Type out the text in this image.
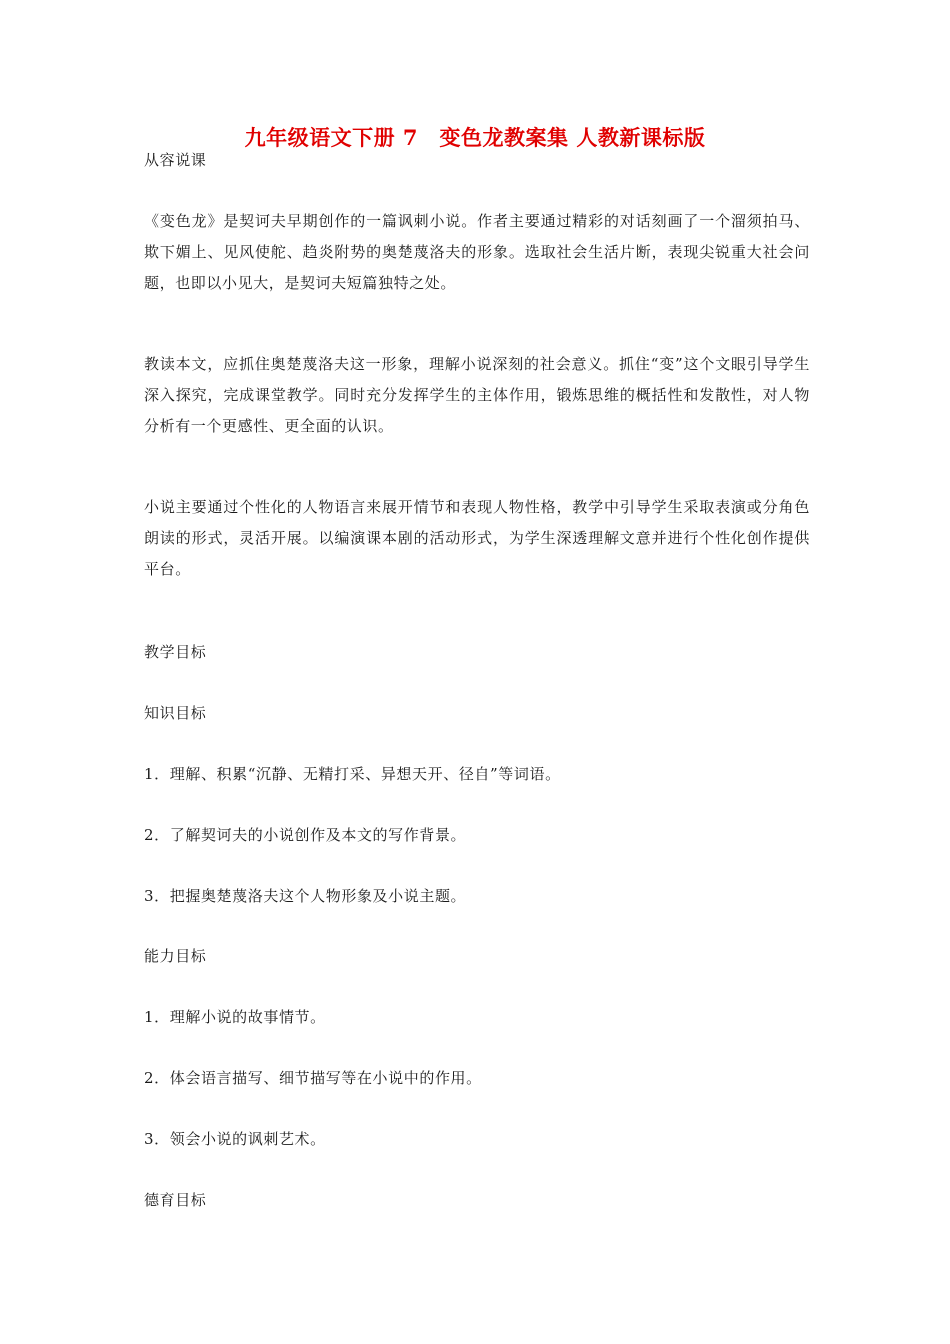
九年级语文下册 7　变色龙教案集 人教新课标版
从容说课
《变色龙》是契诃夫早期创作的一篇讽刺小说。作者主要通过精彩的对话刻画了一个溜须拍马、欺下媚上、见风使舵、趋炎附势的奥楚蔑洛夫的形象。选取社会生活片断，表现尖锐重大社会问题，也即以小见大，是契诃夫短篇独特之处。
教读本文，应抓住奥楚蔑洛夫这一形象，理解小说深刻的社会意义。抓住“变”这个文眼引导学生深入探究，完成课堂教学。同时充分发挥学生的主体作用，锻炼思维的概括性和发散性，对人物分析有一个更感性、更全面的认识。
小说主要通过个性化的人物语言来展开情节和表现人物性格，教学中引导学生采取表演或分角色朗读的形式，灵活开展。以编演课本剧的活动形式，为学生深透理解文意并进行个性化创作提供平台。
教学目标
知识目标
1．理解、积累“沉静、无精打采、异想天开、径自”等词语。
2．了解契诃夫的小说创作及本文的写作背景。
3．把握奥楚蔑洛夫这个人物形象及小说主题。
能力目标
1．理解小说的故事情节。
2．体会语言描写、细节描写等在小说中的作用。
3．领会小说的讽刺艺术。
德育目标
